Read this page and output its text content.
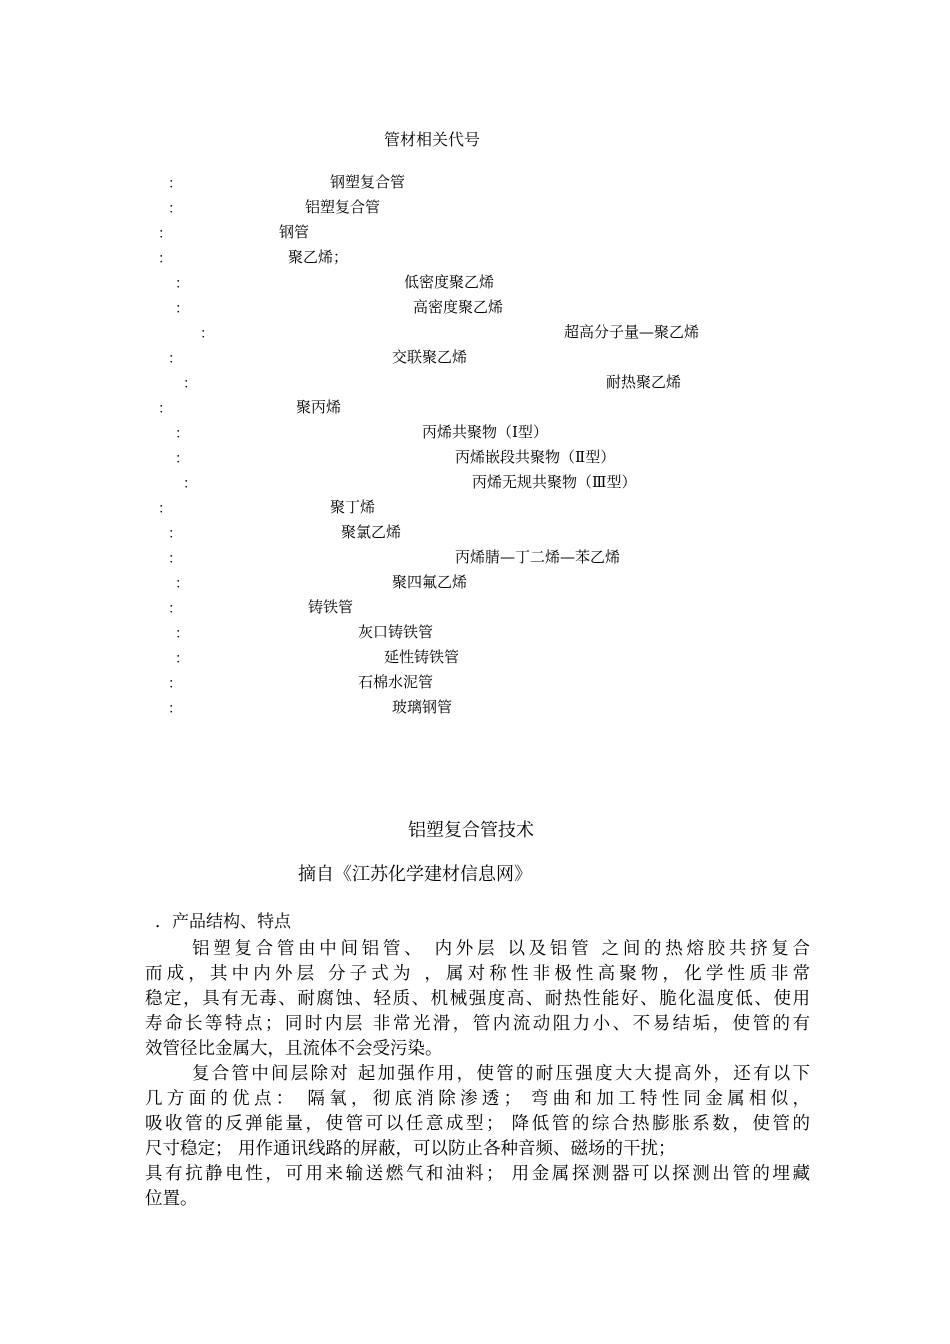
管材相关代号
：	钢塑复合管
：	铝塑复合管
：	钢管
：	聚乙烯；
：	低密度聚乙烯
：	高密度聚乙烯
：	超高分子量—聚乙烯
：	交联聚乙烯
：	耐热聚乙烯
：	聚丙烯
：	丙烯共聚物（Ⅰ型）
：	丙烯嵌段共聚物（Ⅱ型）
：	丙烯无规共聚物（Ⅲ型）
：	聚丁烯
：	聚氯乙烯
：	丙烯腈—丁二烯—苯乙烯
：	聚四氟乙烯
：	铸铁管
：	灰口铸铁管
：	延性铸铁管
：	石棉水泥管
：	玻璃钢管
铝塑复合管技术
摘自《江苏化学建材信息网》
．产品结构、特点
铝塑复合管由中间铝管、 内外层 以及铝管 之间的热熔胶共挤复合
而成，其中内外层 分子式为 ，属对称性非极性高聚物，化学性质非常
稳定，具有无毒、耐腐蚀、轻质、机械强度高、耐热性能好、脆化温度低、使用
寿命长等特点；同时内层 非常光滑，管内流动阻力小、不易结垢，使管的有
效管径比金属大，且流体不会受污染。
复合管中间层除对 起加强作用，使管的耐压强度大大提高外，还有以下
几方面的优点： 隔氧，彻底消除渗透； 弯曲和加工特性同金属相似，
吸收管的反弹能量，使管可以任意成型； 降低管的综合热膨胀系数，使管的
尺寸稳定； 用作通讯线路的屏蔽，可以防止各种音频、磁场的干扰；
具有抗静电性，可用来输送燃气和油料； 用金属探测器可以探测出管的埋藏
位置。
